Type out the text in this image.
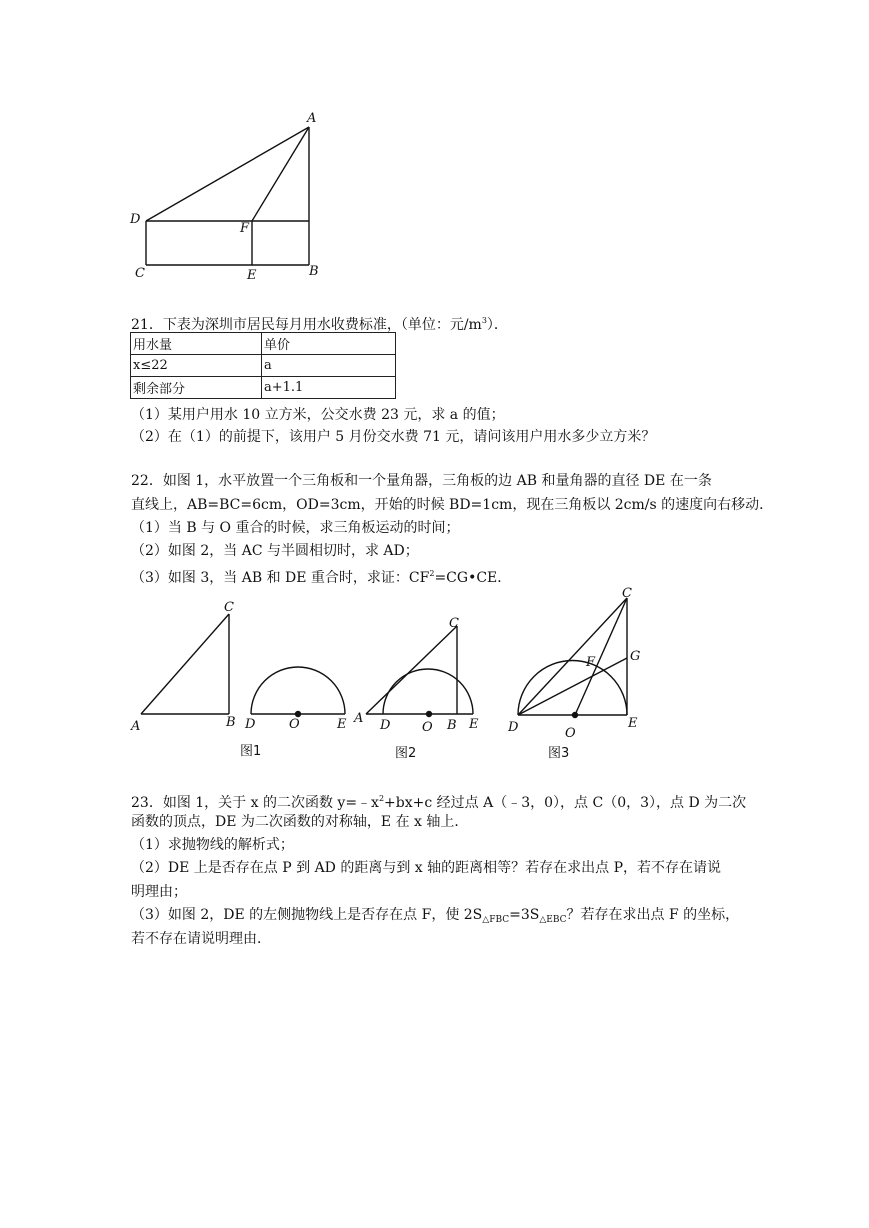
A
D
F
C	E	B
21．下表为深圳市居民每月用水收费标准，（单位：元$/m^3$）．
用水量	单价
x≤22	a
剩余部分	a+1.1
（1）某用户用水 10 立方米，公交水费 23 元，求 a 的值；
（2）在（1）的前提下，该用户 5 月份交水费 71 元，请问该用户用水多少立方米？
22．如图 1，水平放置一个三角板和一个量角器，三角板的边 AB 和量角器的直径 DE 在一条
直线上，AB=BC=6cm，OD=3cm，开始的时候 BD=1cm，现在三角板以 2cm/s 的速度向右移动．
（1）当 B 与 O 重合的时候，求三角板运动的时间；
（2）如图 2，当 AC 与半圆相切时，求 AD；
（3）如图 3，当 AB 和 DE 重合时，求证：$CF^2=CG•CE$．
C
A	B D	O	E
图1
C
A D O B E
图2
C
G
F
D	O
E
图3
23．如图 1，关于 x 的二次函数 $y=﹣x^2+bx+c$ 经过点 A（﹣3，0），点 C（0，3），点 D 为二次
函数的顶点，DE 为二次函数的对称轴，E 在 x 轴上．
（1）求抛物线的解析式；
（2）DE 上是否存在点 P 到 AD 的距离与到 x 轴的距离相等？若存在求出点 P，若不存在请说
明理由；
（3）如图 2，DE 的左侧抛物线上是否存在点 F，使 $2S_{\triangle FBC}=3S_{\triangle EBC}$？若存在求出点 F 的坐标，
若不存在请说明理由．
